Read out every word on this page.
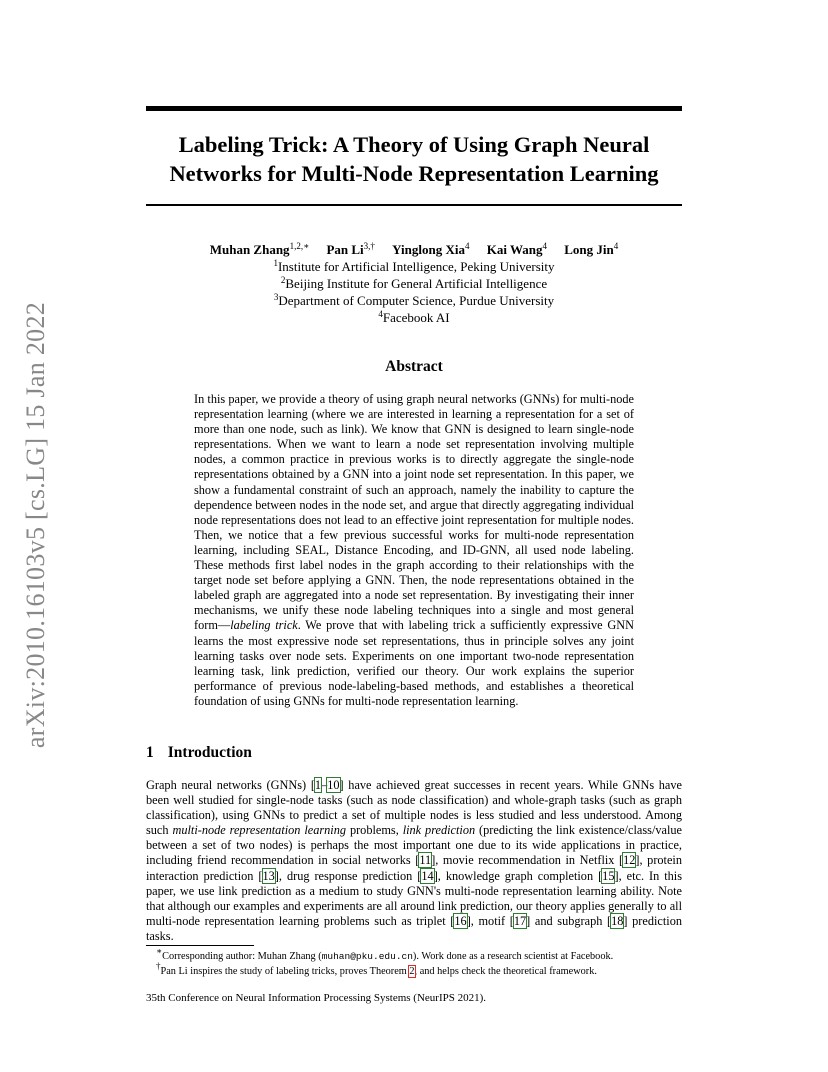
arXiv:2010.16103v5 [cs.LG] 15 Jan 2022
Labeling Trick: A Theory of Using Graph Neural Networks for Multi-Node Representation Learning
Muhan Zhang$^{1,2,∗}$ Pan $Li^{3,\dagger}$ Yinglong Xia$^4$ Kai Wang$^4$ Long Jin$^4$
$^1$Institute for Artificial Intelligence, Peking University
$^2$Beijing Institute for General Artificial Intelligence
$^3$Department of Computer Science, Purdue University
$^4$Facebook AI
Abstract
In this paper, we provide a theory of using graph neural networks (GNNs) for multi-node representation learning (where we are interested in learning a representation for a set of more than one node, such as link). We know that GNN is designed to learn single-node representations. When we want to learn a node set representation involving multiple nodes, a common practice in previous works is to directly aggregate the single-node representations obtained by a GNN into a joint node set representation. In this paper, we show a fundamental constraint of such an approach, namely the inability to capture the dependence between nodes in the node set, and argue that directly aggregating individual node representations does not lead to an effective joint representation for multiple nodes. Then, we notice that a few previous successful works for multi-node representation learning, including SEAL, Distance Encoding, and ID-GNN, all used node labeling. These methods first label nodes in the graph according to their relationships with the target node set before applying a GNN. Then, the node representations obtained in the labeled graph are aggregated into a node set representation. By investigating their inner mechanisms, we unify these node labeling techniques into a single and most general form—labeling trick. We prove that with labeling trick a sufficiently expressive GNN learns the most expressive node set representations, thus in principle solves any joint learning tasks over node sets. Experiments on one important two-node representation learning task, link prediction, verified our theory. Our work explains the superior performance of previous node-labeling-based methods, and establishes a theoretical foundation of using GNNs for multi-node representation learning.
1 Introduction
Graph neural networks (GNNs) [1–10] have achieved great successes in recent years. While GNNs have been well studied for single-node tasks (such as node classification) and whole-graph tasks (such as graph classification), using GNNs to predict a set of multiple nodes is less studied and less understood. Among such multi-node representation learning problems, link prediction (predicting the link existence/class/value between a set of two nodes) is perhaps the most important one due to its wide applications in practice, including friend recommendation in social networks [11], movie recommendation in Netflix [12], protein interaction prediction [13], drug response prediction [14], knowledge graph completion [15], etc. In this paper, we use link prediction as a medium to study GNN's multi-node representation learning ability. Note that although our examples and experiments are all around link prediction, our theory applies generally to all multi-node representation learning problems such as triplet [16], motif [17] and subgraph [18] prediction tasks.
∗Corresponding author: Muhan Zhang (muhan@pku.edu.cn). Work done as a research scientist at Facebook.
†Pan Li inspires the study of labeling tricks, proves Theorem 2, and helps check the theoretical framework.
35th Conference on Neural Information Processing Systems (NeurIPS 2021).
